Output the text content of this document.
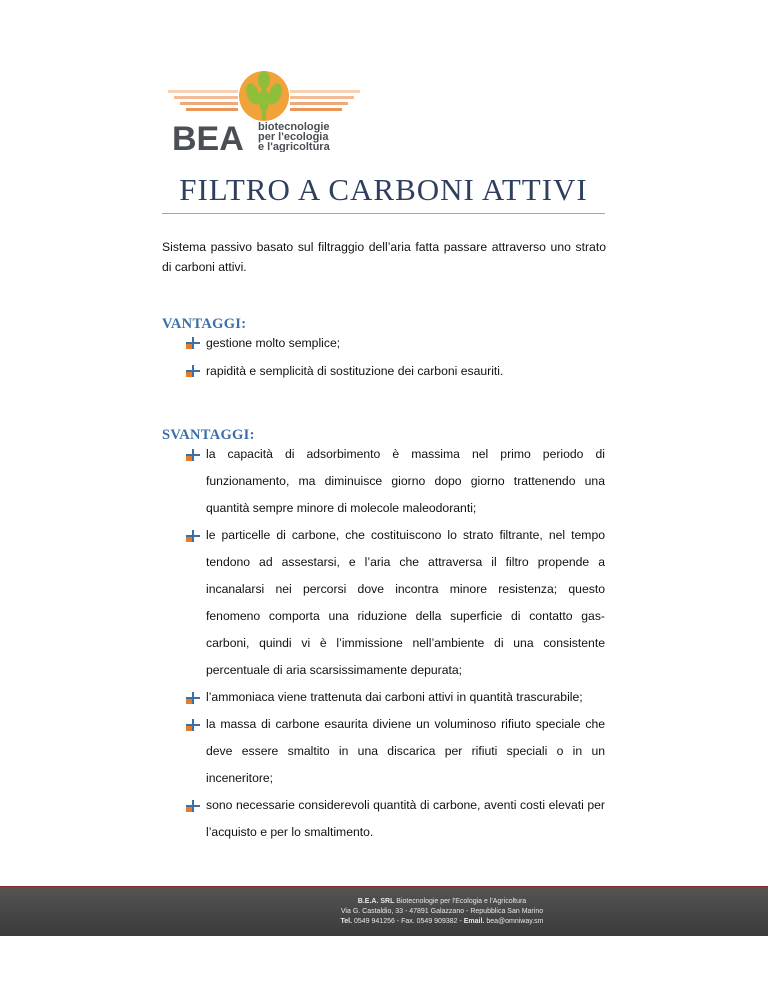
BEA biotecnologie
per l'ecologia
e l'agricoltura
FILTRO A CARBONI ATTIVI
Sistema passivo basato sul filtraggio dell’aria fatta passare attraverso uno strato di carboni attivi.
VANTAGGI:
gestione molto semplice;
rapidità e semplicità di sostituzione dei carboni esauriti.
SVANTAGGI:
la capacità di adsorbimento è massima nel primo periodo di funzionamento, ma diminuisce giorno dopo giorno trattenendo una quantità sempre minore di molecole maleodoranti;
le particelle di carbone, che costituiscono lo strato filtrante, nel tempo tendono ad assestarsi, e l’aria che attraversa il filtro propende a incanalarsi nei percorsi dove incontra minore resistenza; questo fenomeno comporta una riduzione della superficie di contatto gas-carboni, quindi vi è l’immissione nell’ambiente di una consistente percentuale di aria scarsissimamente depurata;
l’ammoniaca viene trattenuta dai carboni attivi in quantità trascurabile;
la massa di carbone esaurita diviene un voluminoso rifiuto speciale che deve essere smaltito in una discarica per rifiuti speciali o in un inceneritore;
sono necessarie considerevoli quantità di carbone, aventi costi elevati per l’acquisto e per lo smaltimento.
B.E.A. SRL Biotecnologie per l'Ecologia e l'Agricoltura
Via G. Castaldio, 33 - 47891 Galazzano - Repubblica San Marino
Tel. 0549 941256 - Fax. 0549 909382 - Email. bea@omniway.sm
